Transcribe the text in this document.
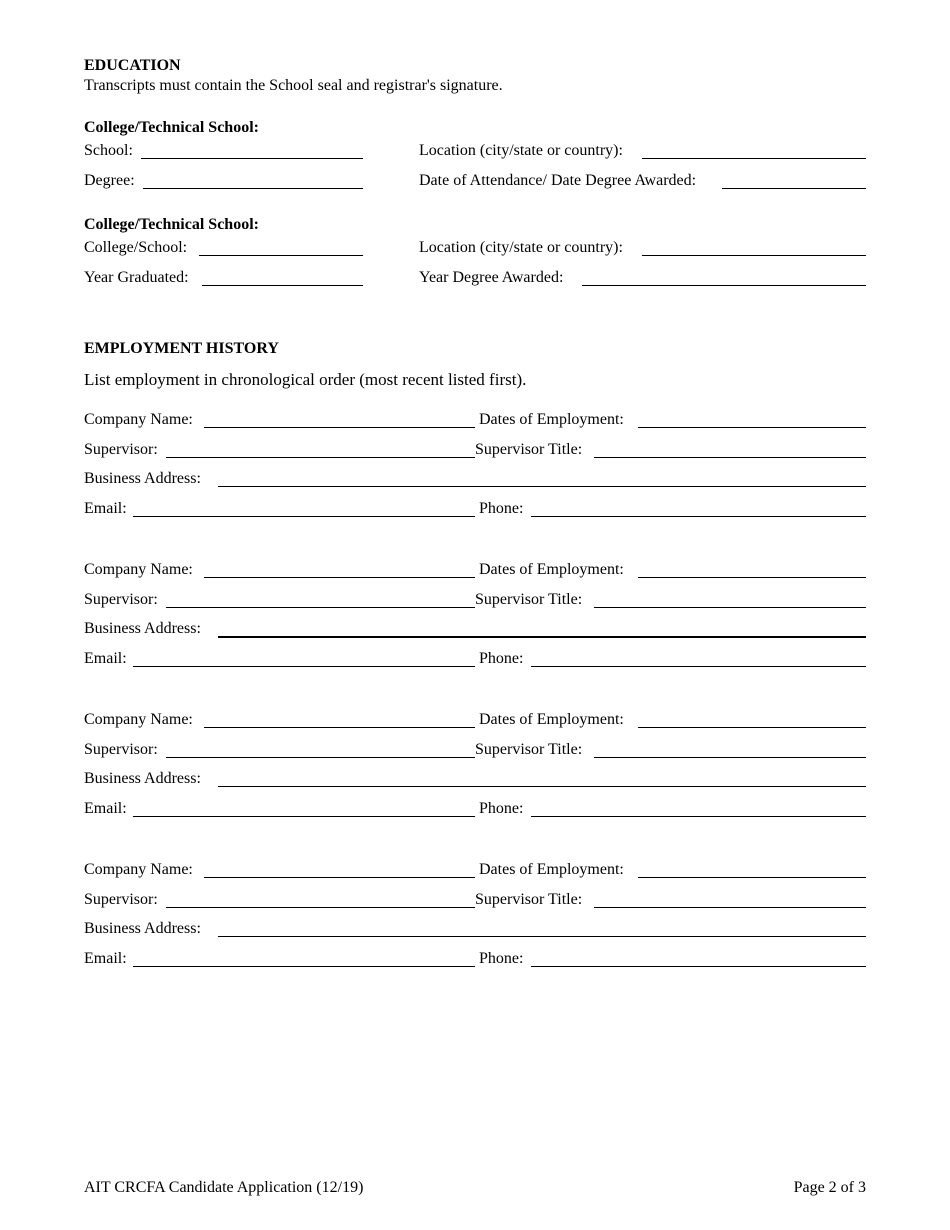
EDUCATION
Transcripts must contain the School seal and registrar's signature.
College/Technical School:
School:	Location (city/state or country):
Degree:	Date of Attendance/ Date Degree Awarded:
College/Technical School:
College/School:	Location (city/state or country):
Year Graduated:	Year Degree Awarded:
EMPLOYMENT HISTORY
List employment in chronological order (most recent listed first).
Company Name:	Dates of Employment:
Supervisor:	Supervisor Title:
Business Address:
Email:	Phone:
Company Name:	Dates of Employment:
Supervisor:	Supervisor Title:
Business Address:
Email:	Phone:
Company Name:	Dates of Employment:
Supervisor:	Supervisor Title:
Business Address:
Email:	Phone:
Company Name:	Dates of Employment:
Supervisor:	Supervisor Title:
Business Address:
Email:	Phone:
AIT CRCFA Candidate Application (12/19)	Page 2 of 3
